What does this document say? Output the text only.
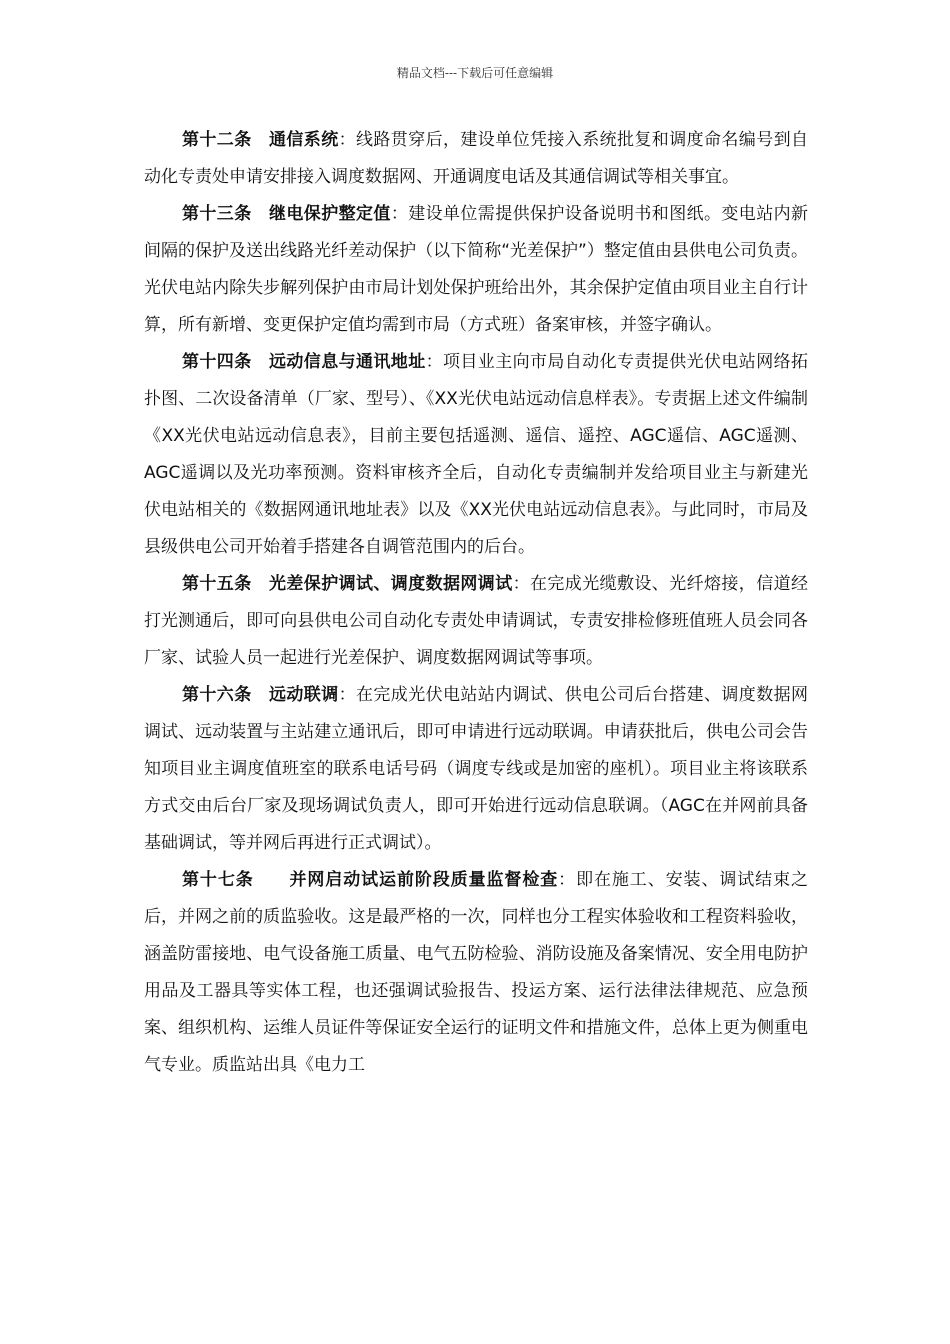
精品文档---下载后可任意编辑

第十二条　通信系统：线路贯穿后，建设单位凭接入系统批复和调度命名编号到自动化专责处申请安排接入调度数据网、开通调度电话及其通信调试等相关事宜。

第十三条　继电保护整定值：建设单位需提供保护设备说明书和图纸。变电站内新间隔的保护及送出线路光纤差动保护（以下简称“光差保护”）整定值由县供电公司负责。光伏电站内除失步解列保护由市局计划处保护班给出外，其余保护定值由项目业主自行计算，所有新增、变更保护定值均需到市局（方式班）备案审核，并签字确认。

第十四条　远动信息与通讯地址：项目业主向市局自动化专责提供光伏电站网络拓扑图、二次设备清单（厂家、型号）、《XX光伏电站远动信息样表》。专责据上述文件编制《XX光伏电站远动信息表》，目前主要包括遥测、遥信、遥控、AGC遥信、AGC遥测、AGC遥调以及光功率预测。资料审核齐全后，自动化专责编制并发给项目业主与新建光伏电站相关的《数据网通讯地址表》以及《XX光伏电站远动信息表》。与此同时，市局及县级供电公司开始着手搭建各自调管范围内的后台。

第十五条　光差保护调试、调度数据网调试：在完成光缆敷设、光纤熔接，信道经打光测通后，即可向县供电公司自动化专责处申请调试，专责安排检修班值班人员会同各厂家、试验人员一起进行光差保护、调度数据网调试等事项。

第十六条　远动联调：在完成光伏电站站内调试、供电公司后台搭建、调度数据网调试、远动装置与主站建立通讯后，即可申请进行远动联调。申请获批后，供电公司会告知项目业主调度值班室的联系电话号码（调度专线或是加密的座机）。项目业主将该联系方式交由后台厂家及现场调试负责人，即可开始进行远动信息联调。（AGC在并网前具备基础调试，等并网后再进行正式调试）。

第十七条　　并网启动试运前阶段质量监督检查：即在施工、安装、调试结束之后，并网之前的质监验收。这是最严格的一次，同样也分工程实体验收和工程资料验收，涵盖防雷接地、电气设备施工质量、电气五防检验、消防设施及备案情况、安全用电防护用品及工器具等实体工程，也还强调试验报告、投运方案、运行法律法律规范、应急预案、组织机构、运维人员证件等保证安全运行的证明文件和措施文件，总体上更为侧重电气专业。质监站出具《电力工
